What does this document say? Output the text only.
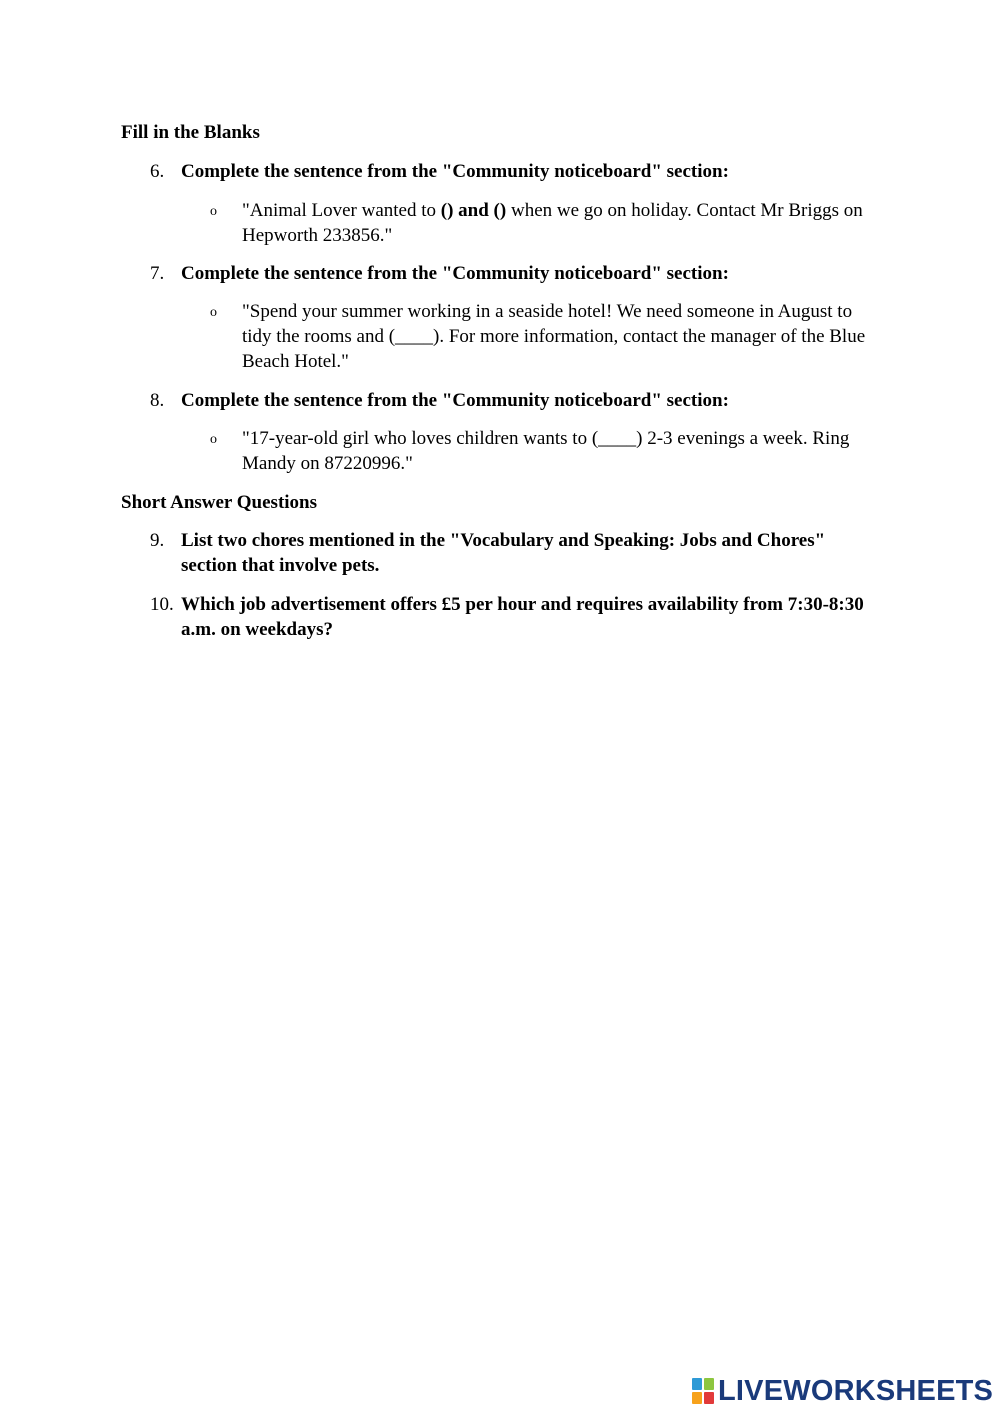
Fill in the Blanks
6. Complete the sentence from the "Community noticeboard" section:
o	"Animal Lover wanted to () and () when we go on holiday. Contact Mr Briggs on Hepworth 233856."
7. Complete the sentence from the "Community noticeboard" section:
o	"Spend your summer working in a seaside hotel! We need someone in August to tidy the rooms and (____). For more information, contact the manager of the Blue Beach Hotel."
8. Complete the sentence from the "Community noticeboard" section:
o	"17-year-old girl who loves children wants to (____) 2-3 evenings a week. Ring Mandy on 87220996."
Short Answer Questions
9. List two chores mentioned in the "Vocabulary and Speaking: Jobs and Chores" section that involve pets.
10. Which job advertisement offers £5 per hour and requires availability from 7:30-8:30 a.m. on weekdays?
LIVEWORKSHEETS
